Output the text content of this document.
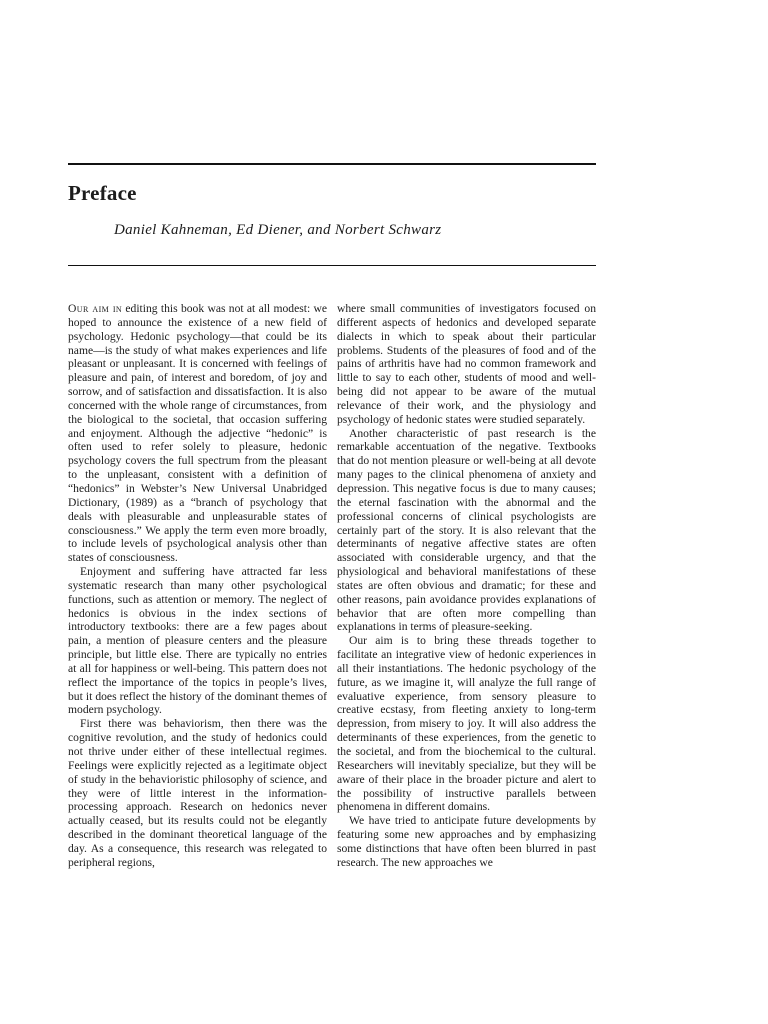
Preface

Daniel Kahneman, Ed Diener, and Norbert Schwarz

Our aim in editing this book was not at all modest: we hoped to announce the existence of a new field of psychology. Hedonic psychology—that could be its name—is the study of what makes experiences and life pleasant or unpleasant. It is concerned with feelings of pleasure and pain, of interest and boredom, of joy and sorrow, and of satisfaction and dissatisfaction. It is also concerned with the whole range of circumstances, from the biological to the societal, that occasion suffering and enjoyment. Although the adjective “hedonic” is often used to refer solely to pleasure, hedonic psychology covers the full spectrum from the pleasant to the unpleasant, consistent with a definition of “hedonics” in Webster’s New Universal Unabridged Dictionary, (1989) as a “branch of psychology that deals with pleasurable and unpleasurable states of consciousness.” We apply the term even more broadly, to include levels of psychological analysis other than states of consciousness.

Enjoyment and suffering have attracted far less systematic research than many other psychological functions, such as attention or memory. The neglect of hedonics is obvious in the index sections of introductory textbooks: there are a few pages about pain, a mention of pleasure centers and the pleasure principle, but little else. There are typically no entries at all for happiness or well-being. This pattern does not reflect the importance of the topics in people’s lives, but it does reflect the history of the dominant themes of modern psychology.

First there was behaviorism, then there was the cognitive revolution, and the study of hedonics could not thrive under either of these intellectual regimes. Feelings were explicitly rejected as a legitimate object of study in the behavioristic philosophy of science, and they were of little interest in the information-processing approach. Research on hedonics never actually ceased, but its results could not be elegantly described in the dominant theoretical language of the day. As a consequence, this research was relegated to peripheral regions,

where small communities of investigators focused on different aspects of hedonics and developed separate dialects in which to speak about their particular problems. Students of the pleasures of food and of the pains of arthritis have had no common framework and little to say to each other, students of mood and well-being did not appear to be aware of the mutual relevance of their work, and the physiology and psychology of hedonic states were studied separately.

Another characteristic of past research is the remarkable accentuation of the negative. Textbooks that do not mention pleasure or well-being at all devote many pages to the clinical phenomena of anxiety and depression. This negative focus is due to many causes; the eternal fascination with the abnormal and the professional concerns of clinical psychologists are certainly part of the story. It is also relevant that the determinants of negative affective states are often associated with considerable urgency, and that the physiological and behavioral manifestations of these states are often obvious and dramatic; for these and other reasons, pain avoidance provides explanations of behavior that are often more compelling than explanations in terms of pleasure-seeking.

Our aim is to bring these threads together to facilitate an integrative view of hedonic experiences in all their instantiations. The hedonic psychology of the future, as we imagine it, will analyze the full range of evaluative experience, from sensory pleasure to creative ecstasy, from fleeting anxiety to long-term depression, from misery to joy. It will also address the determinants of these experiences, from the genetic to the societal, and from the biochemical to the cultural. Researchers will inevitably specialize, but they will be aware of their place in the broader picture and alert to the possibility of instructive parallels between phenomena in different domains.

We have tried to anticipate future developments by featuring some new approaches and by emphasizing some distinctions that have often been blurred in past research. The new approaches we
